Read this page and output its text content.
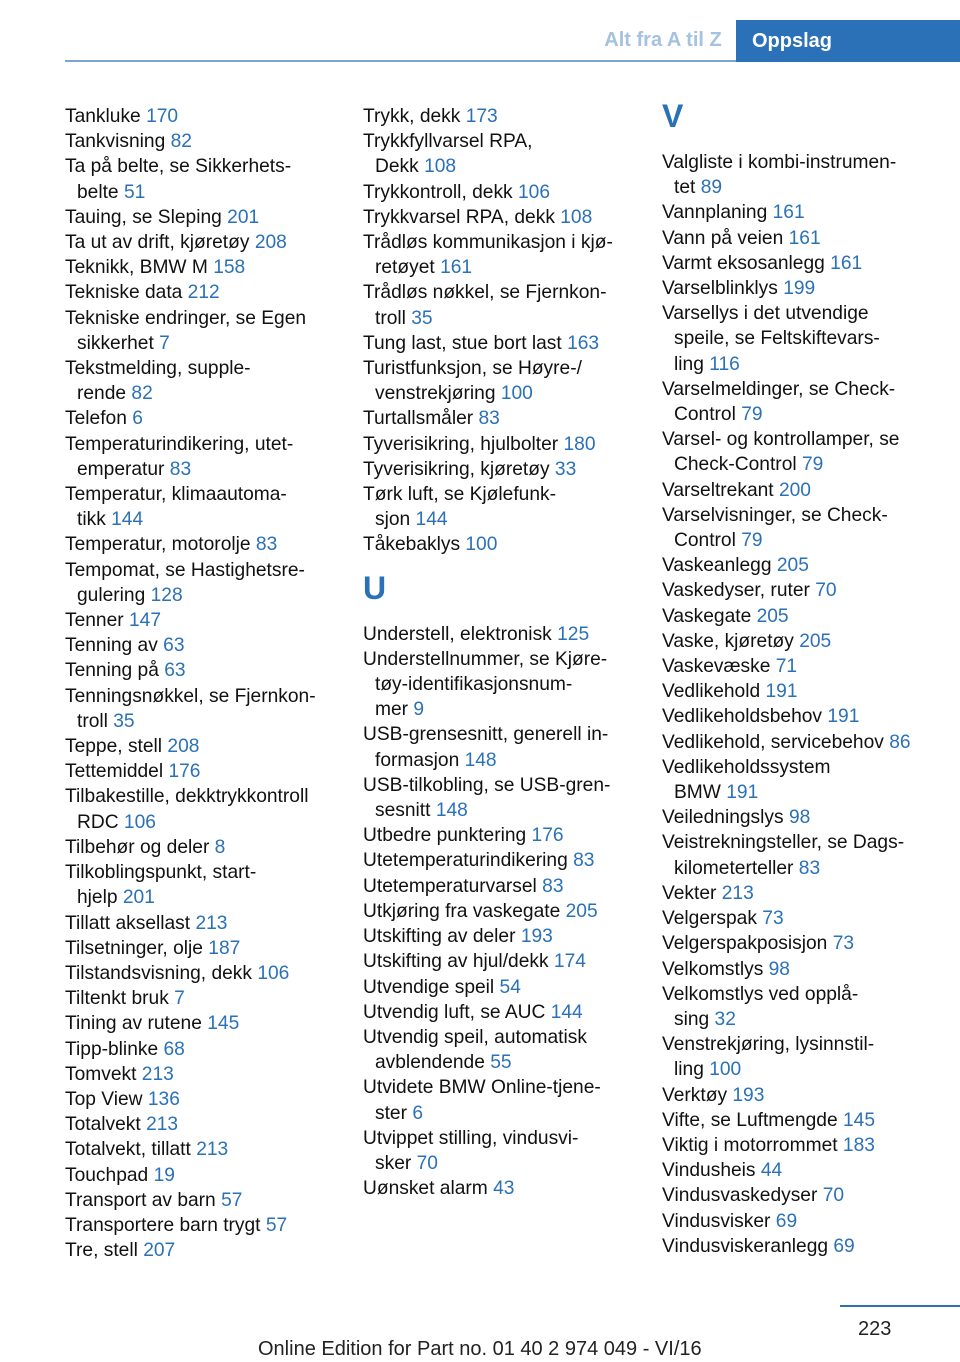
Alt fra A til Z	Oppslag
Tankluke 170
Tankvisning 82
Ta på belte, se Sikkerhets-
belte 51
Tauing, se Sleping 201
Ta ut av drift, kjøretøy 208
Teknikk, BMW M 158
Tekniske data 212
Tekniske endringer, se Egen
sikkerhet 7
Tekstmelding, supple-
rende 82
Telefon 6
Temperaturindikering, utet-
emperatur 83
Temperatur, klimaautoma-
tikk 144
Temperatur, motorolje 83
Tempomat, se Hastighetsre-
gulering 128
Tenner 147
Tenning av 63
Tenning på 63
Tenningsnøkkel, se Fjernkon-
troll 35
Teppe, stell 208
Tettemiddel 176
Tilbakestille, dekktrykkontroll
RDC 106
Tilbehør og deler 8
Tilkoblingspunkt, start-
hjelp 201
Tillatt aksellast 213
Tilsetninger, olje 187
Tilstandsvisning, dekk 106
Tiltenkt bruk 7
Tining av rutene 145
Tipp-blinke 68
Tomvekt 213
Top View 136
Totalvekt 213
Totalvekt, tillatt 213
Touchpad 19
Transport av barn 57
Transportere barn trygt 57
Tre, stell 207
Trykk, dekk 173
Trykkfyllvarsel RPA,
Dekk 108
Trykkontroll, dekk 106
Trykkvarsel RPA, dekk 108
Trådløs kommunikasjon i kjø-
retøyet 161
Trådløs nøkkel, se Fjernkon-
troll 35
Tung last, stue bort last 163
Turistfunksjon, se Høyre-/
venstrekjøring 100
Turtallsmåler 83
Tyverisikring, hjulbolter 180
Tyverisikring, kjøretøy 33
Tørk luft, se Kjølefunk-
sjon 144
Tåkebaklys 100
U
Understell, elektronisk 125
Understellnummer, se Kjøre-
tøy-identifikasjonsnum-
mer 9
USB-grensesnitt, generell in-
formasjon 148
USB-tilkobling, se USB-gren-
sesnitt 148
Utbedre punktering 176
Utetemperaturindikering 83
Utetemperaturvarsel 83
Utkjøring fra vaskegate 205
Utskifting av deler 193
Utskifting av hjul/dekk 174
Utvendige speil 54
Utvendig luft, se AUC 144
Utvendig speil, automatisk
avblendende 55
Utvidete BMW Online-tjene-
ster 6
Utvippet stilling, vindusvi-
sker 70
Uønsket alarm 43
V
Valgliste i kombi-instrumen-
tet 89
Vannplaning 161
Vann på veien 161
Varmt eksosanlegg 161
Varselblinklys 199
Varsellys i det utvendige
speile, se Feltskiftevars-
ling 116
Varselmeldinger, se Check-
Control 79
Varsel- og kontrollamper, se
Check-Control 79
Varseltrekant 200
Varselvisninger, se Check-
Control 79
Vaskeanlegg 205
Vaskedyser, ruter 70
Vaskegate 205
Vaske, kjøretøy 205
Vaskevæske 71
Vedlikehold 191
Vedlikeholdsbehov 191
Vedlikehold, servicebehov 86
Vedlikeholdssystem
BMW 191
Veiledningslys 98
Veistrekningsteller, se Dags-
kilometerteller 83
Vekter 213
Velgerspak 73
Velgerspakposisjon 73
Velkomstlys 98
Velkomstlys ved opplå-
sing 32
Venstrekjøring, lysinnstil-
ling 100
Verktøy 193
Vifte, se Luftmengde 145
Viktig i motorrommet 183
Vindusheis 44
Vindusvaskedyser 70
Vindusvisker 69
Vindusviskeranlegg 69
223
Online Edition for Part no. 01 40 2 974 049 - VI/16
